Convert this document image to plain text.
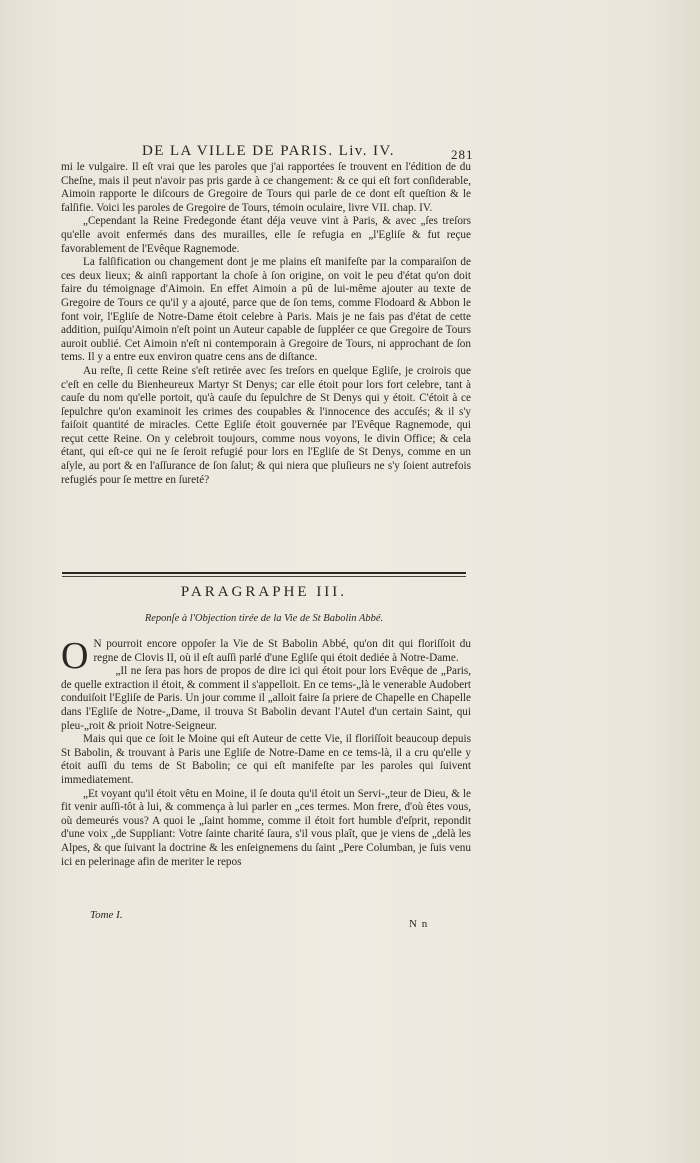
DE LA VILLE DE PARIS. Liv. IV.	281

mi le vulgaire. Il eſt vrai que les paroles que j'ai rapportées ſe trouvent en l'édition de du Cheſne, mais il peut n'avoir pas pris garde à ce changement: & ce qui eſt fort conſiderable, Aimoin rapporte le diſcours de Gregoire de Tours qui parle de ce dont eſt queſtion & le falſifie. Voici les paroles de Gregoire de Tours, témoin oculaire, livre VII. chap. IV.

„Cependant la Reine Fredegonde étant déja veuve vint à Paris, & avec „ſes treſors qu'elle avoit enfermés dans des murailles, elle ſe refugia en „l'Egliſe & fut reçue favorablement de l'Evêque Ragnemode.

La falſification ou changement dont je me plains eſt manifeſte par la comparaiſon de ces deux lieux; & ainſi rapportant la choſe à ſon origine, on voit le peu d'état qu'on doit faire du témoignage d'Aimoin. En effet Aimoin a pû de lui-même ajouter au texte de Gregoire de Tours ce qu'il y a ajouté, parce que de ſon tems, comme Flodoard & Abbon le font voir, l'Egliſe de Notre-Dame étoit celebre à Paris. Mais je ne fais pas d'état de cette addition, puiſqu'Aimoin n'eſt point un Auteur capable de ſuppléer ce que Gregoire de Tours auroit oublié. Cet Aimoin n'eſt ni contemporain à Gregoire de Tours, ni approchant de ſon tems. Il y a entre eux environ quatre cens ans de diſtance.

Au reſte, ſi cette Reine s'eſt retirée avec ſes treſors en quelque Egliſe, je croirois que c'eſt en celle du Bienheureux Martyr St Denys; car elle étoit pour lors fort celebre, tant à cauſe du nom qu'elle portoit, qu'à cauſe du ſepulchre de St Denys qui y étoit. C'étoit à ce ſepulchre qu'on examinoit les crimes des coupables & l'innocence des accuſés; & il s'y faiſoit quantité de miracles. Cette Egliſe étoit gouvernée par l'Evêque Ragnemode, qui reçut cette Reine. On y celebroit toujours, comme nous voyons, le divin Office; & cela étant, qui eſt-ce qui ne ſe ſeroit refugié pour lors en l'Egliſe de St Denys, comme en un aſyle, au port & en l'aſſurance de ſon ſalut; & qui niera que pluſieurs ne s'y ſoient autrefois refugiés pour ſe mettre en ſureté?

PARAGRAPHE III.
Reponſe à l'Objection tirée de la Vie de St Babolin Abbé.

O N pourroit encore oppoſer la Vie de St Babolin Abbé, qu'on dit qui floriſſoit du regne de Clovis II, où il eſt auſſi parlé d'une Egliſe qui étoit dediée à Notre-Dame.

„Il ne ſera pas hors de propos de dire ici qui étoit pour lors Evêque de „Paris, de quelle extraction il étoit, & comment il s'appelloit. En ce tems-„là le venerable Audobert conduiſoit l'Egliſe de Paris. Un jour comme il „alloit faire ſa priere de Chapelle en Chapelle dans l'Egliſe de Notre-„Dame, il trouva St Babolin devant l'Autel d'un certain Saint, qui pleu-„roit & prioit Notre-Seigneur.

Mais qui que ce ſoit le Moine qui eſt Auteur de cette Vie, il floriſſoit beaucoup depuis St Babolin, & trouvant à Paris une Egliſe de Notre-Dame en ce tems-là, il a cru qu'elle y étoit auſſi du tems de St Babolin; ce qui eſt manifeſte par les paroles qui ſuivent immediatement.

„Et voyant qu'il étoit vêtu en Moine, il ſe douta qu'il étoit un Servi-„teur de Dieu, & le fit venir auſſi-tôt à lui, & commença à lui parler en „ces termes. Mon frere, d'où êtes vous, où demeurés vous? A quoi le „ſaint homme, comme il étoit fort humble d'eſprit, repondit d'une voix „de Suppliant: Votre ſainte charité ſaura, s'il vous plaît, que je viens de „delà les Alpes, & que ſuivant la doctrine & les enſeignemens du ſaint „Pere Columban, je ſuis venu ici en pelerinage afin de meriter le repos

Tome I.
N n
